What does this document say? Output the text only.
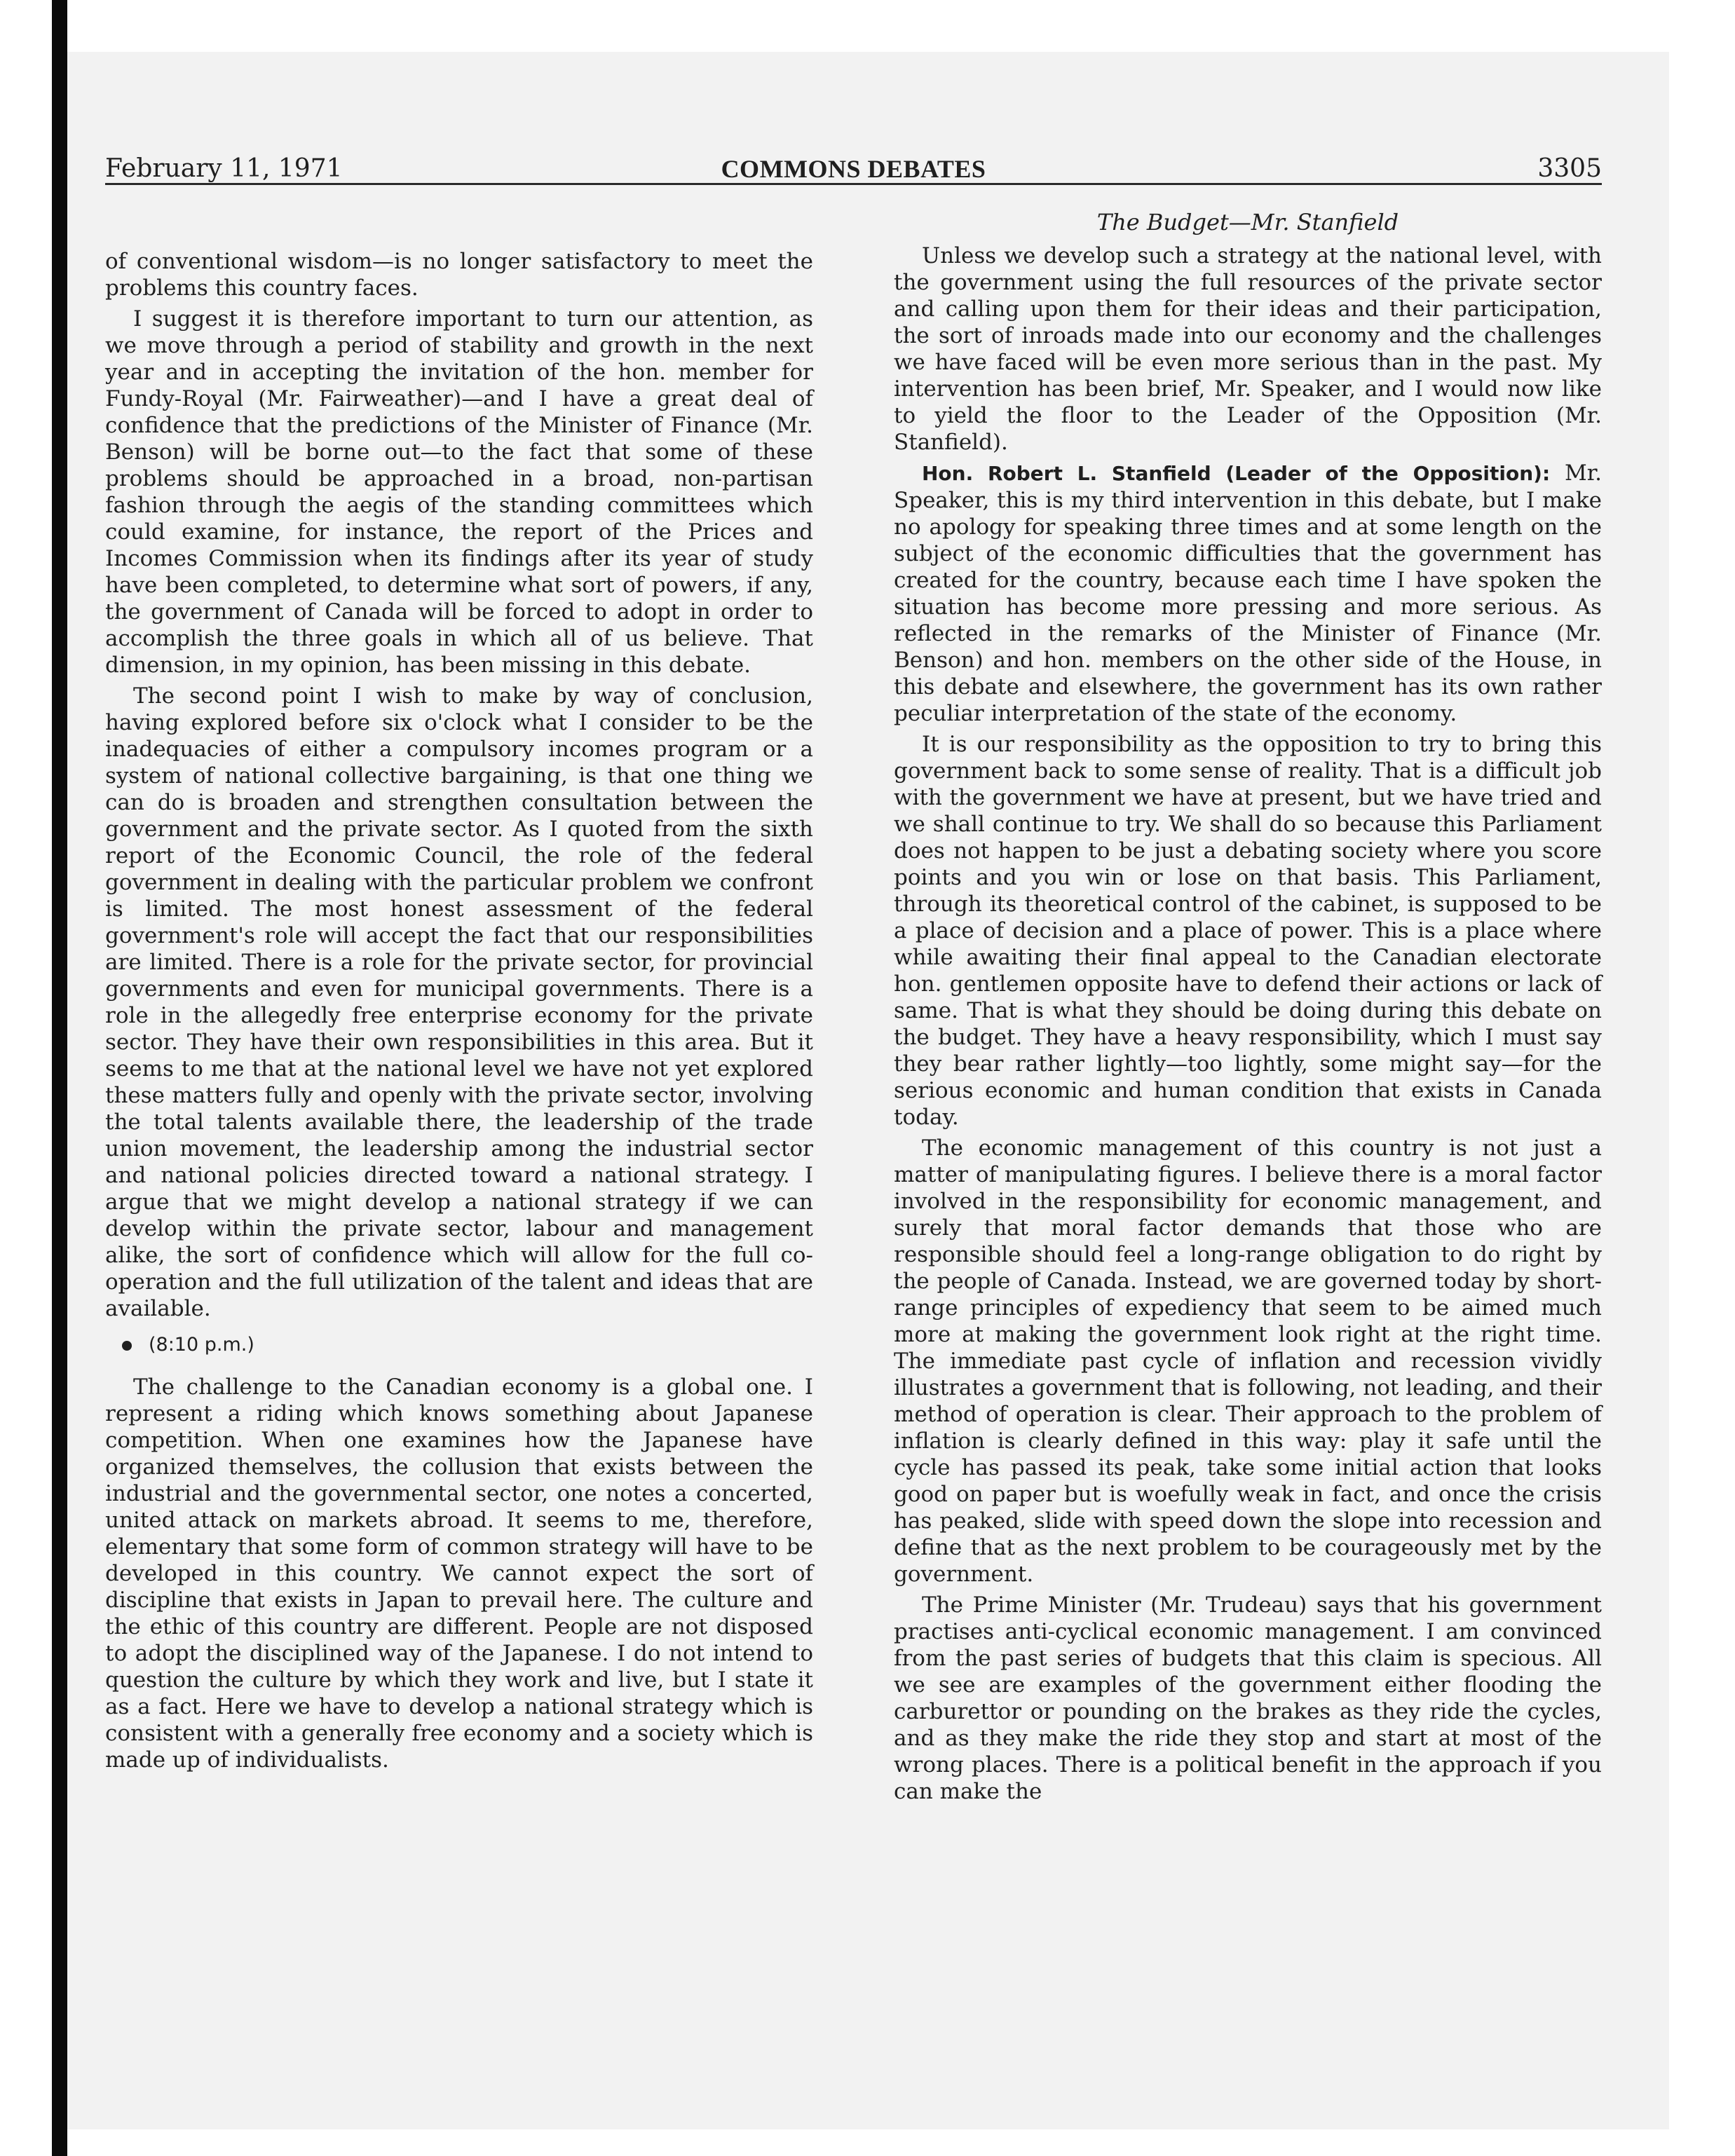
February 11, 1971	COMMONS DEBATES	3305

of conventional wisdom—is no longer satisfactory to meet the problems this country faces.

I suggest it is therefore important to turn our attention, as we move through a period of stability and growth in the next year and in accepting the invitation of the hon. member for Fundy-Royal (Mr. Fairweather)—and I have a great deal of confidence that the predictions of the Minister of Finance (Mr. Benson) will be borne out—to the fact that some of these problems should be approached in a broad, non-partisan fashion through the aegis of the standing committees which could examine, for instance, the report of the Prices and Incomes Commission when its findings after its year of study have been completed, to determine what sort of powers, if any, the government of Canada will be forced to adopt in order to accomplish the three goals in which all of us believe. That dimension, in my opinion, has been missing in this debate.

The second point I wish to make by way of conclusion, having explored before six o'clock what I consider to be the inadequacies of either a compulsory incomes program or a system of national collective bargaining, is that one thing we can do is broaden and strengthen consultation between the government and the private sector. As I quoted from the sixth report of the Economic Council, the role of the federal government in dealing with the particular problem we confront is limited. The most honest assessment of the federal government's role will accept the fact that our responsibilities are limited. There is a role for the private sector, for provincial governments and even for municipal governments. There is a role in the allegedly free enterprise economy for the private sector. They have their own responsibilities in this area. But it seems to me that at the national level we have not yet explored these matters fully and openly with the private sector, involving the total talents available there, the leadership of the trade union movement, the leadership among the industrial sector and national policies directed toward a national strategy. I argue that we might develop a national strategy if we can develop within the private sector, labour and management alike, the sort of confidence which will allow for the full co-operation and the full utilization of the talent and ideas that are available.

(8:10 p.m.)

The challenge to the Canadian economy is a global one. I represent a riding which knows something about Japanese competition. When one examines how the Japanese have organized themselves, the collusion that exists between the industrial and the governmental sector, one notes a concerted, united attack on markets abroad. It seems to me, therefore, elementary that some form of common strategy will have to be developed in this country. We cannot expect the sort of discipline that exists in Japan to prevail here. The culture and the ethic of this country are different. People are not disposed to adopt the disciplined way of the Japanese. I do not intend to question the culture by which they work and live, but I state it as a fact. Here we have to develop a national strategy which is consistent with a generally free economy and a society which is made up of individualists.

The Budget—Mr. Stanfield

Unless we develop such a strategy at the national level, with the government using the full resources of the private sector and calling upon them for their ideas and their participation, the sort of inroads made into our economy and the challenges we have faced will be even more serious than in the past. My intervention has been brief, Mr. Speaker, and I would now like to yield the floor to the Leader of the Opposition (Mr. Stanfield).

Hon. Robert L. Stanfield (Leader of the Opposition): Mr. Speaker, this is my third intervention in this debate, but I make no apology for speaking three times and at some length on the subject of the economic difficulties that the government has created for the country, because each time I have spoken the situation has become more pressing and more serious. As reflected in the remarks of the Minister of Finance (Mr. Benson) and hon. members on the other side of the House, in this debate and elsewhere, the government has its own rather peculiar interpretation of the state of the economy.

It is our responsibility as the opposition to try to bring this government back to some sense of reality. That is a difficult job with the government we have at present, but we have tried and we shall continue to try. We shall do so because this Parliament does not happen to be just a debating society where you score points and you win or lose on that basis. This Parliament, through its theoretical control of the cabinet, is supposed to be a place of decision and a place of power. This is a place where while awaiting their final appeal to the Canadian electorate hon. gentlemen opposite have to defend their actions or lack of same. That is what they should be doing during this debate on the budget. They have a heavy responsibility, which I must say they bear rather lightly—too lightly, some might say—for the serious economic and human condition that exists in Canada today.

The economic management of this country is not just a matter of manipulating figures. I believe there is a moral factor involved in the responsibility for economic management, and surely that moral factor demands that those who are responsible should feel a long-range obligation to do right by the people of Canada. Instead, we are governed today by short-range principles of expediency that seem to be aimed much more at making the government look right at the right time. The immediate past cycle of inflation and recession vividly illustrates a government that is following, not leading, and their method of operation is clear. Their approach to the problem of inflation is clearly defined in this way: play it safe until the cycle has passed its peak, take some initial action that looks good on paper but is woefully weak in fact, and once the crisis has peaked, slide with speed down the slope into recession and define that as the next problem to be courageously met by the government.

The Prime Minister (Mr. Trudeau) says that his government practises anti-cyclical economic management. I am convinced from the past series of budgets that this claim is specious. All we see are examples of the government either flooding the carburettor or pounding on the brakes as they ride the cycles, and as they make the ride they stop and start at most of the wrong places. There is a political benefit in the approach if you can make the
